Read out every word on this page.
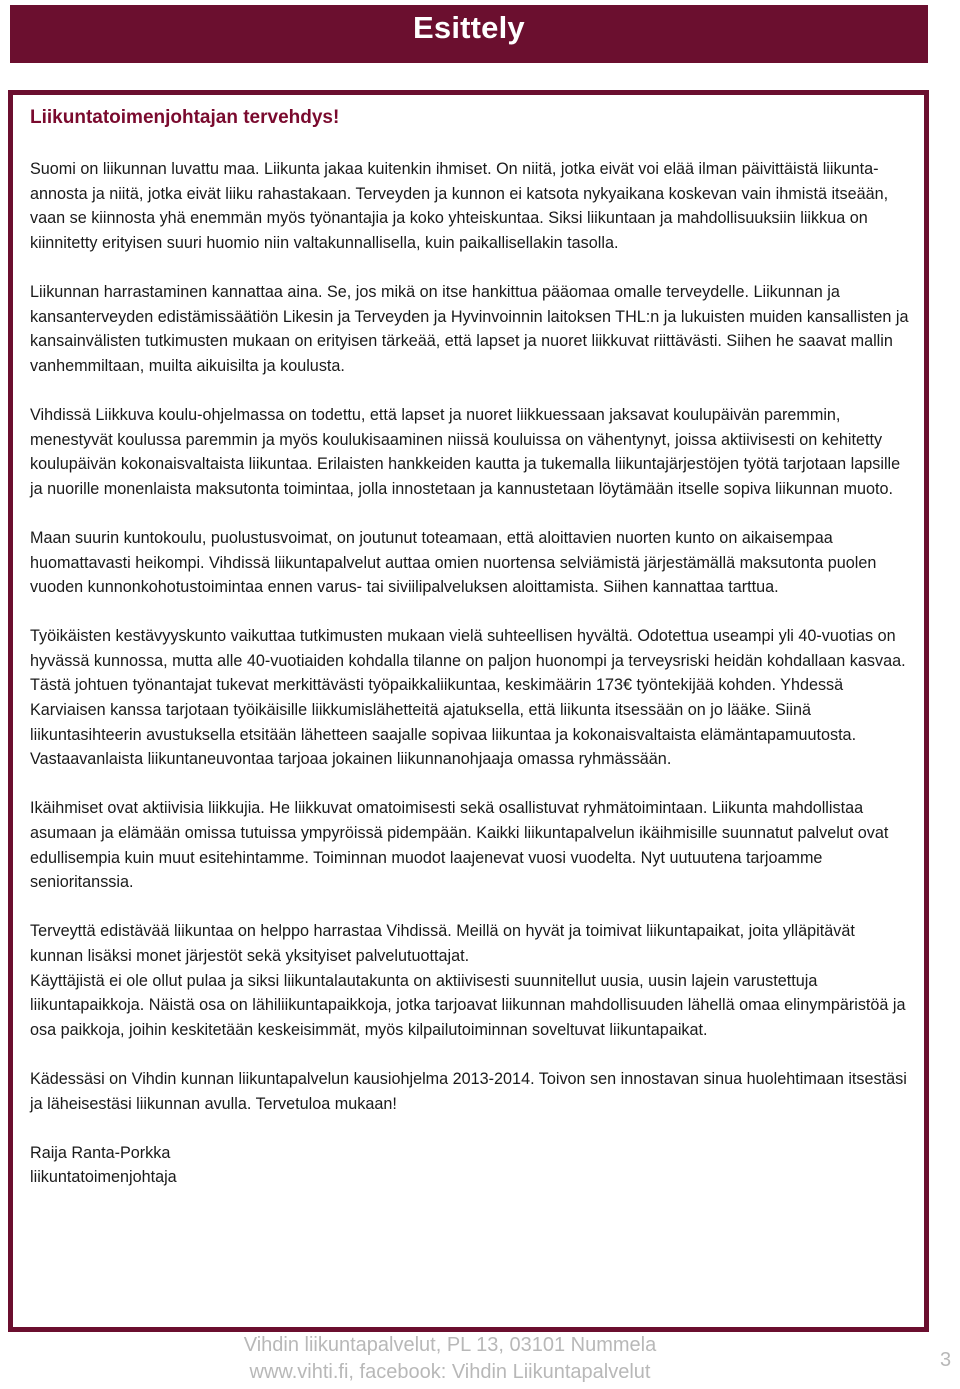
Esittely
Liikuntatoimenjohtajan tervehdys!

Suomi on liikunnan luvattu maa. Liikunta jakaa kuitenkin ihmiset. On niitä, jotka eivät voi elää ilman päivittäistä liikunta-annosta ja niitä, jotka eivät liiku rahastakaan. Terveyden ja kunnon ei katsota nykyaikana koskevan vain ihmistä itseään, vaan se kiinnosta yhä enemmän myös työnantajia ja koko yhteiskuntaa. Siksi liikuntaan ja mahdollisuuksiin liikkua on kiinnitetty erityisen suuri huomio niin valtakunnallisella, kuin paikallisellakin tasolla.

Liikunnan harrastaminen kannattaa aina. Se, jos mikä on itse hankittua pääomaa omalle terveydelle. Liikunnan ja kansanterveyden edistämissäätiön Likesin ja Terveyden ja Hyvinvoinnin laitoksen THL:n ja lukuisten muiden kansallisten ja kansainvälisten tutkimusten mukaan on erityisen tärkeää, että lapset ja nuoret liikkuvat riittävästi. Siihen he saavat mallin vanhemmiltaan, muilta aikuisilta ja koulusta.

Vihdissä Liikkuva koulu-ohjelmassa on todettu, että lapset ja nuoret liikkuessaan jaksavat koulupäivän paremmin, menestyvät koulussa paremmin ja myös koulukisaaminen niissä kouluissa on vähentynyt, joissa aktiivisesti on kehitetty koulupäivän kokonaisvaltaista liikuntaa. Erilaisten hankkeiden kautta ja tukemalla liikuntajärjestöjen työtä tarjotaan lapsille ja nuorille monenlaista maksutonta toimintaa, jolla innostetaan ja kannustetaan löytämään itselle sopiva liikunnan muoto.

Maan suurin kuntokoulu, puolustusvoimat, on joutunut toteamaan, että aloittavien nuorten kunto on aikaisempaa huomattavasti heikompi. Vihdissä liikuntapalvelut auttaa omien nuortensa selviämistä järjestämällä maksutonta puolen vuoden kunnonkohotustoimintaa ennen varus- tai siviilipalveluksen aloittamista. Siihen kannattaa tarttua.

Työikäisten kestävyyskunto vaikuttaa tutkimusten mukaan vielä suhteellisen hyvältä. Odotettua useampi yli 40-vuotias on hyvässä kunnossa, mutta alle 40-vuotiaiden kohdalla tilanne on paljon huonompi ja terveysriski heidän kohdallaan kasvaa. Tästä johtuen työnantajat tukevat merkittävästi työpaikkaliikuntaa, keskimäärin 173€ työntekijää kohden. Yhdessä Karviaisen kanssa tarjotaan työikäisille liikkumislähetteitä ajatuksella, että liikunta itsessään on jo lääke. Siinä liikuntasihteerin avustuksella etsitään lähetteen saajalle sopivaa liikuntaa ja kokonaisvaltaista elämäntapamuutosta. Vastaavanlaista liikuntaneuvontaa tarjoaa jokainen liikunnanohjaaja omassa ryhmässään.

Ikäihmiset ovat aktiivisia liikkujia. He liikkuvat omatoimisesti sekä osallistuvat ryhmätoimintaan. Liikunta mahdollistaa asumaan ja elämään omissa tutuissa ympyröissä pidempään. Kaikki liikuntapalvelun ikäihmisille suunnatut palvelut ovat edullisempia kuin muut esitehintamme. Toiminnan muodot laajenevat vuosi vuodelta. Nyt uutuutena tarjoamme senioritanssia.

Terveyttä edistävää liikuntaa on helppo harrastaa Vihdissä. Meillä on hyvät ja toimivat liikuntapaikat, joita ylläpitävät kunnan lisäksi monet järjestöt sekä yksityiset palvelutuottajat.

Käyttäjistä ei ole ollut pulaa ja siksi liikuntalautakunta on aktiivisesti suunnitellut uusia, uusin lajein varustettuja liikuntapaikkoja. Näistä osa on lähiliikuntapaikkoja, jotka tarjoavat liikunnan mahdollisuuden lähellä omaa elinympäristöä ja osa paikkoja, joihin keskitetään keskeisimmät, myös kilpailutoiminnan soveltuvat liikuntapaikat.

Kädessäsi on Vihdin kunnan liikuntapalvelun kausiohjelma 2013-2014. Toivon sen innostavan sinua huolehtimaan itsestäsi ja läheisestäsi liikunnan avulla. Tervetuloa mukaan!

Raija Ranta-Porkka
liikuntatoimenjohtaja

Vihdin liikuntapalvelut, PL 13, 03101 Nummela
www.vihti.fi, facebook: Vihdin Liikuntapalvelut
3
